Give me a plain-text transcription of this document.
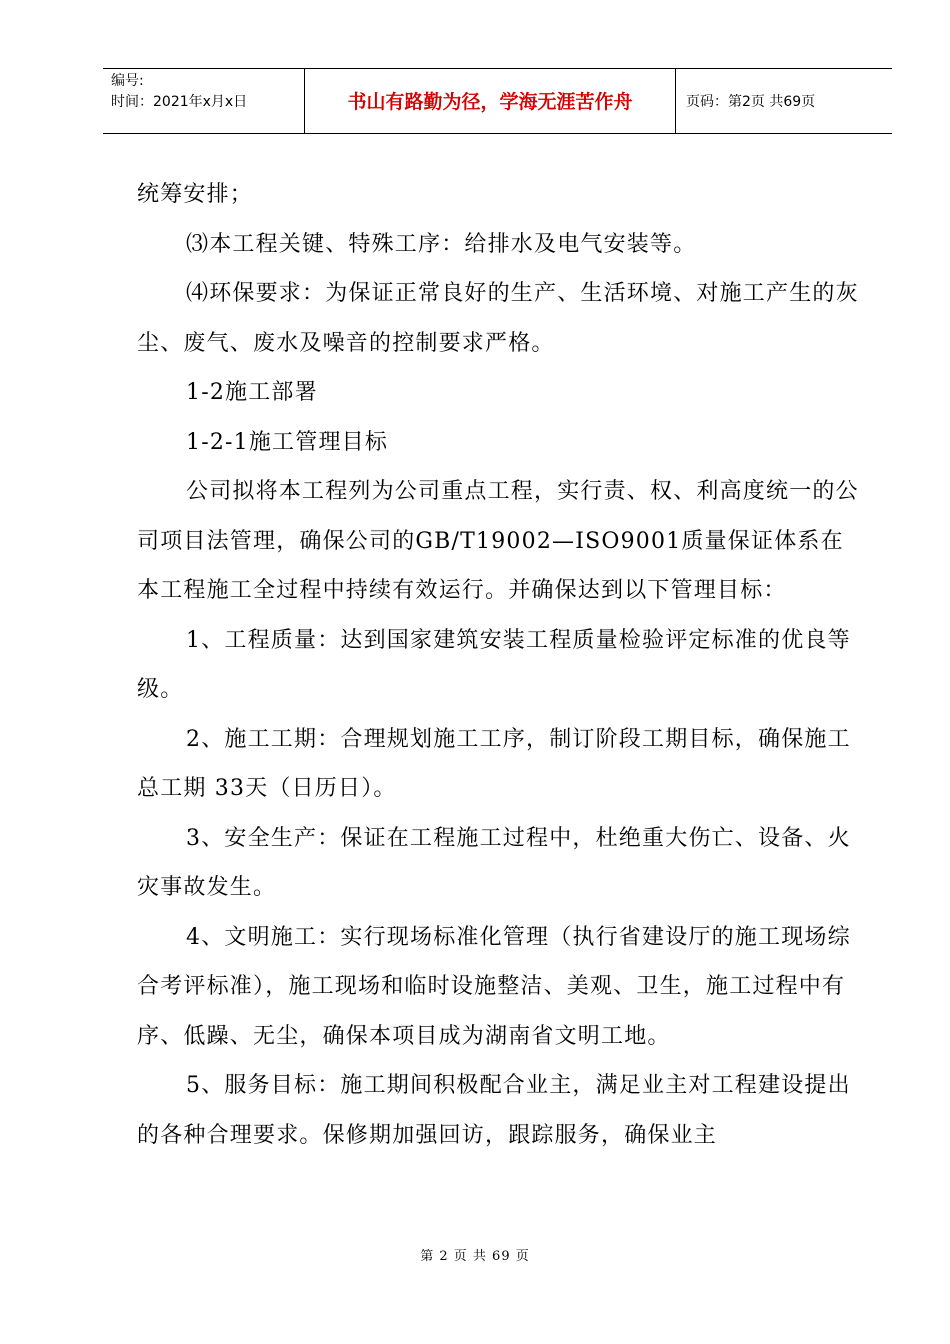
编号:
时间：2021年x月x日	书山有路勤为径，学海无涯苦作舟	页码：第2页 共69页

统筹安排；

⑶本工程关键、特殊工序：给排水及电气安装等。

⑷环保要求：为保证正常良好的生产、生活环境、对施工产生的灰尘、废气、废水及噪音的控制要求严格。

1-2施工部署

1-2-1施工管理目标

公司拟将本工程列为公司重点工程，实行责、权、利高度统一的公司项目法管理，确保公司的GB/T19002—ISO9001质量保证体系在本工程施工全过程中持续有效运行。并确保达到以下管理目标：

1、工程质量：达到国家建筑安装工程质量检验评定标准的优良等级。

2、施工工期：合理规划施工工序，制订阶段工期目标，确保施工总工期 33天（日历日）。

3、安全生产：保证在工程施工过程中，杜绝重大伤亡、设备、火灾事故发生。

4、文明施工：实行现场标准化管理（执行省建设厅的施工现场综合考评标准），施工现场和临时设施整洁、美观、卫生，施工过程中有序、低躁、无尘，确保本项目成为湖南省文明工地。

5、服务目标：施工期间积极配合业主，满足业主对工程建设提出的各种合理要求。保修期加强回访，跟踪服务，确保业主

第 2 页 共 69 页
